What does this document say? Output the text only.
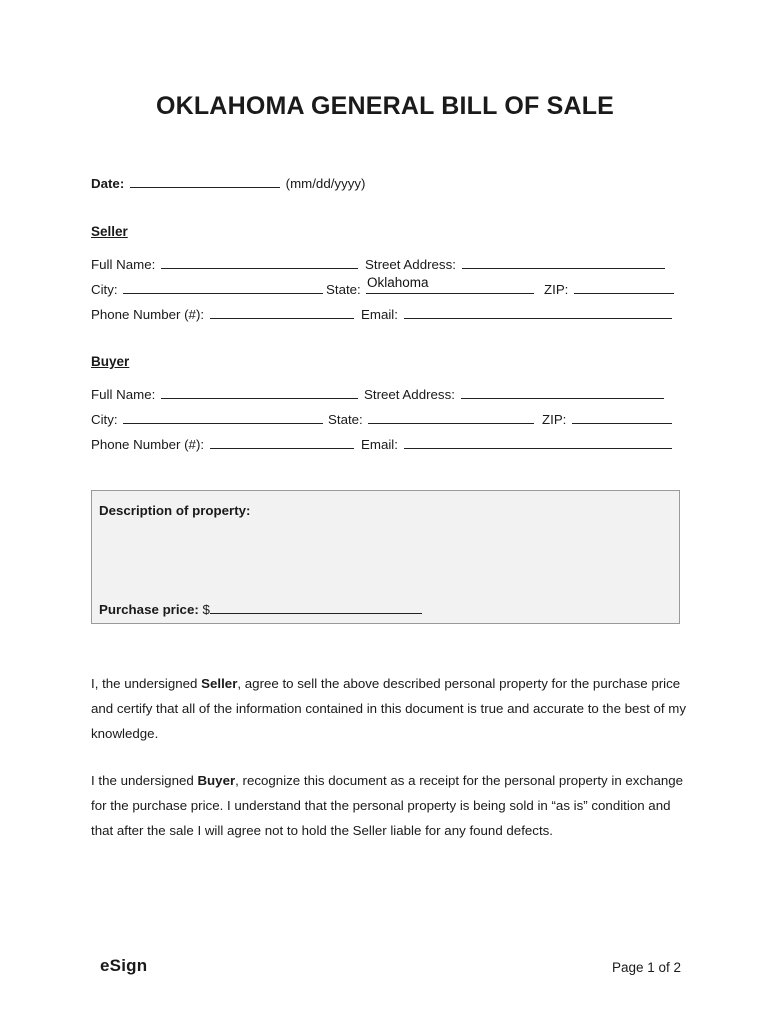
OKLAHOMA GENERAL BILL OF SALE
Date:	(mm/dd/yyyy)
Seller
Full Name:	Street Address:
City:	State: Oklahoma	ZIP:
Phone Number (#):	Email:
Buyer
Full Name:	Street Address:
City:	State:	ZIP:
Phone Number (#):	Email:
Description of property:
Purchase price: $
I, the undersigned Seller, agree to sell the above described personal property for the purchase price and certify that all of the information contained in this document is true and accurate to the best of my knowledge.
I the undersigned Buyer, recognize this document as a receipt for the personal property in exchange for the purchase price. I understand that the personal property is being sold in “as is” condition and that after the sale I will agree not to hold the Seller liable for any found defects.
eSign	Page 1 of 2
